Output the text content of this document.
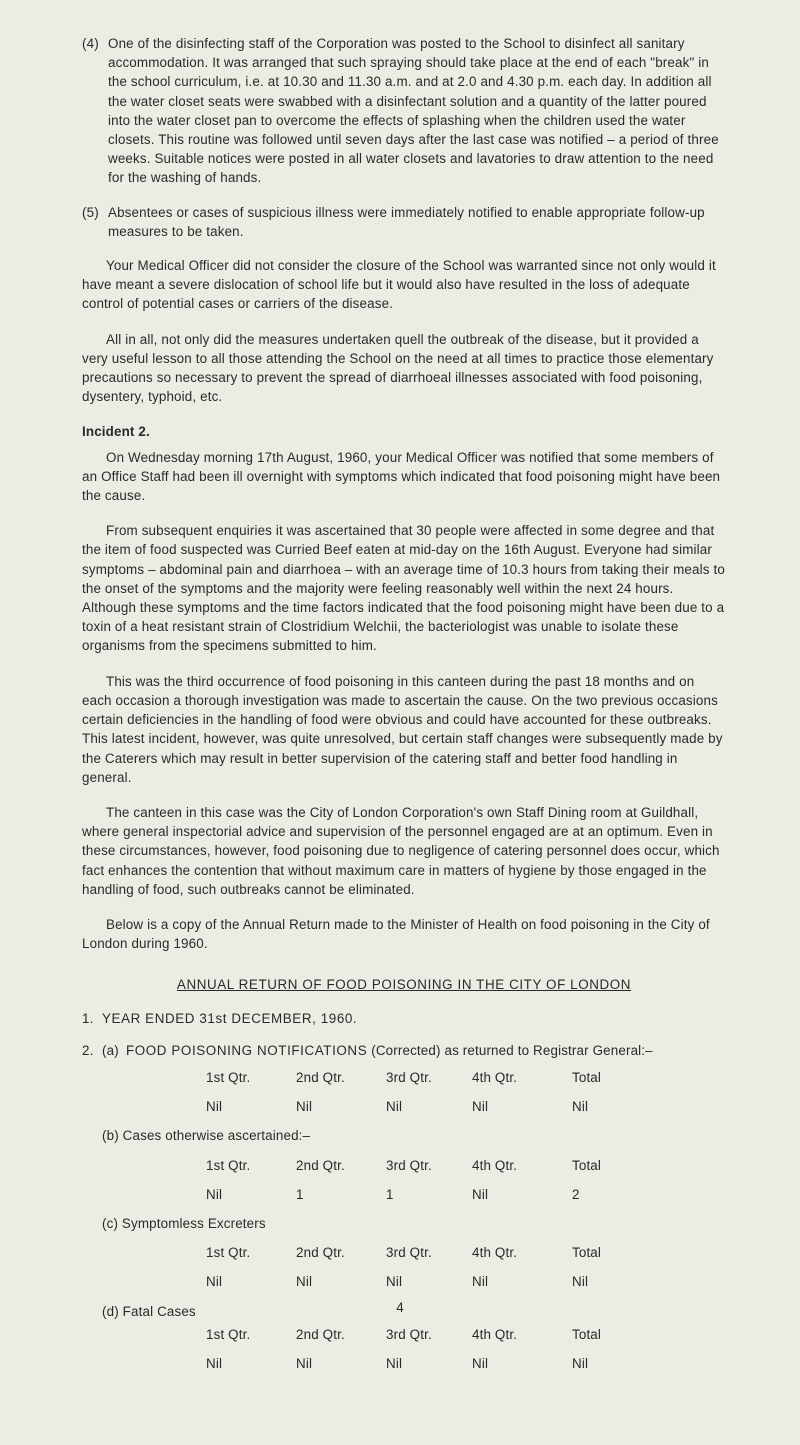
(4) One of the disinfecting staff of the Corporation was posted to the School to disinfect all sanitary accommodation. It was arranged that such spraying should take place at the end of each "break" in the school curriculum, i.e. at 10.30 and 11.30 a.m. and at 2.0 and 4.30 p.m. each day. In addition all the water closet seats were swabbed with a disinfectant solution and a quantity of the latter poured into the water closet pan to overcome the effects of splashing when the children used the water closets. This routine was followed until seven days after the last case was notified – a period of three weeks. Suitable notices were posted in all water closets and lavatories to draw attention to the need for the washing of hands.

(5) Absentees or cases of suspicious illness were immediately notified to enable appropriate follow-up measures to be taken.

Your Medical Officer did not consider the closure of the School was warranted since not only would it have meant a severe dislocation of school life but it would also have resulted in the loss of adequate control of potential cases or carriers of the disease.

All in all, not only did the measures undertaken quell the outbreak of the disease, but it provided a very useful lesson to all those attending the School on the need at all times to practice those elementary precautions so necessary to prevent the spread of diarrhoeal illnesses associated with food poisoning, dysentery, typhoid, etc.

Incident 2.

On Wednesday morning 17th August, 1960, your Medical Officer was notified that some members of an Office Staff had been ill overnight with symptoms which indicated that food poisoning might have been the cause.

From subsequent enquiries it was ascertained that 30 people were affected in some degree and that the item of food suspected was Curried Beef eaten at mid-day on the 16th August. Everyone had similar symptoms – abdominal pain and diarrhoea – with an average time of 10.3 hours from taking their meals to the onset of the symptoms and the majority were feeling reasonably well within the next 24 hours. Although these symptoms and the time factors indicated that the food poisoning might have been due to a toxin of a heat resistant strain of Clostridium Welchii, the bacteriologist was unable to isolate these organisms from the specimens submitted to him.

This was the third occurrence of food poisoning in this canteen during the past 18 months and on each occasion a thorough investigation was made to ascertain the cause. On the two previous occasions certain deficiencies in the handling of food were obvious and could have accounted for these outbreaks. This latest incident, however, was quite unresolved, but certain staff changes were subsequently made by the Caterers which may result in better supervision of the catering staff and better food handling in general.

The canteen in this case was the City of London Corporation's own Staff Dining room at Guildhall, where general inspectorial advice and supervision of the personnel engaged are at an optimum. Even in these circumstances, however, food poisoning due to negligence of catering personnel does occur, which fact enhances the contention that without maximum care in matters of hygiene by those engaged in the handling of food, such outbreaks cannot be eliminated.

Below is a copy of the Annual Return made to the Minister of Health on food poisoning in the City of London during 1960.

ANNUAL RETURN OF FOOD POISONING IN THE CITY OF LONDON
1. YEAR ENDED 31st DECEMBER, 1960.
2. (a) FOOD POISONING NOTIFICATIONS (Corrected) as returned to Registrar General:–
1st Qtr.	2nd Qtr.	3rd Qtr.	4th Qtr.	Total
Nil	Nil	Nil	Nil	Nil
(b) Cases otherwise ascertained:–
1st Qtr.	2nd Qtr.	3rd Qtr.	4th Qtr.	Total
Nil	1	1	Nil	2
(c) Symptomless Excreters
1st Qtr.	2nd Qtr.	3rd Qtr.	4th Qtr.	Total
Nil	Nil	Nil	Nil	Nil
(d) Fatal Cases
1st Qtr.	2nd Qtr.	3rd Qtr.	4th Qtr.	Total
Nil	Nil	Nil	Nil	Nil
4
